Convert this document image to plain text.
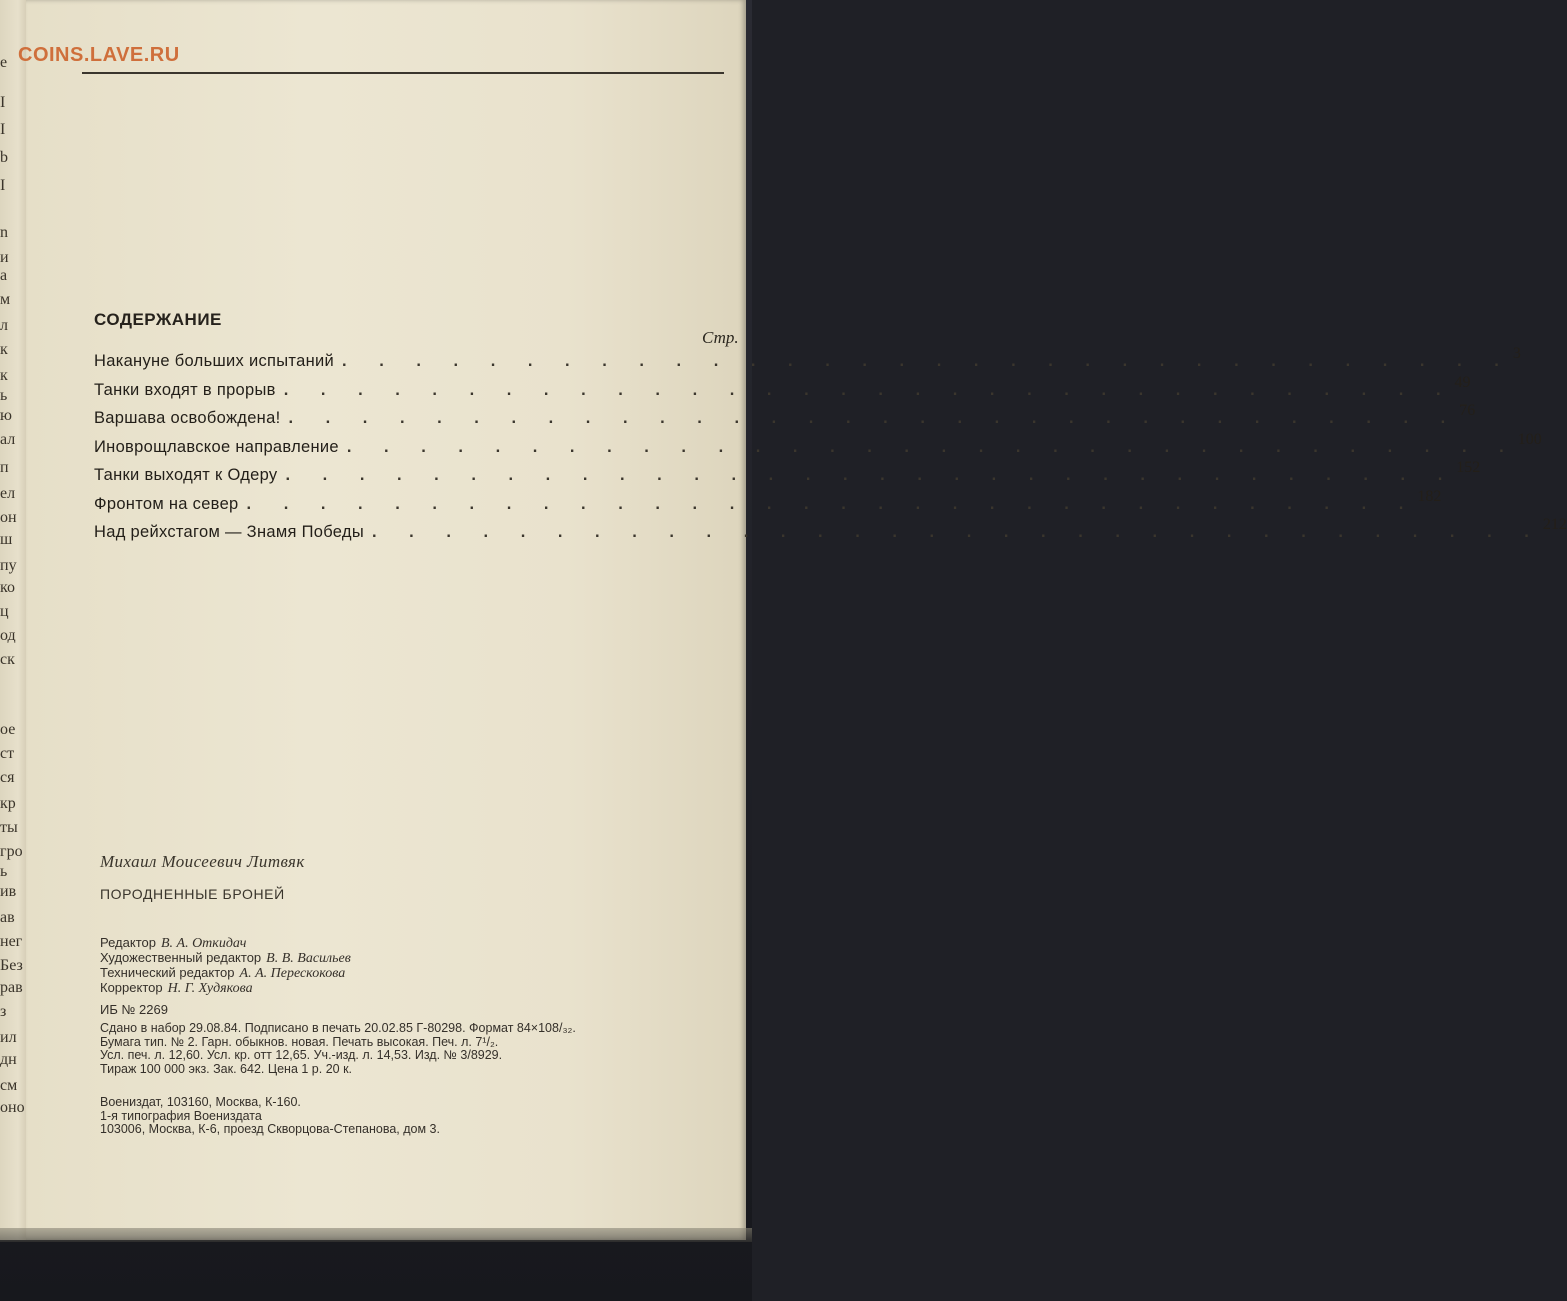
e
I
I
b
I
n
и
a
м
л
к
к
ь
ю
ал
п
ел
он
ш
пу
ко
ц
од
ск
ое
ст
ся
кр
ты
гро
ь
ив
ав
нег
Без
рав
з
ил
дн
см
оно
СОДЕРЖАНИЕ
Стр.
Накануне больших испытаний . . . . . . . . . . . . . . . . . . . . . . . . . . . . . . . . 3
Танки входят в прорыв . . . . . . . . . . . . . . . . . . . . . . . . . . . . . . . . 49
Варшава освобождена! . . . . . . . . . . . . . . . . . . . . . . . . . . . . . . . . 76
Иноврощлавское направление . . . . . . . . . . . . . . . . . . . . . . . . . . . . . . . . 100
Танки выходят к Одеру . . . . . . . . . . . . . . . . . . . . . . . . . . . . . . . . 152
Фронтом на север . . . . . . . . . . . . . . . . . . . . . . . . . . . . . . . . 182
Над рейхстагом — Знамя Победы . . . . . . . . . . . . . . . . . . . . . . . . . . . . . . . . 212
Михаил Моисеевич Литвяк
ПОРОДНЕННЫЕ БРОНЕЙ
Редактор В. А. Откидач
Художественный редактор В. В. Васильев
Технический редактор А. А. Перескокова
Корректор Н. Г. Худякова
ИБ № 2269
Сдано в набор 29.08.84. Подписано в печать 20.02.85 Г-80298. Формат 84×108/₃₂.
Бумага тип. № 2. Гарн. обыкнов. новая. Печать высокая. Печ. л. 7¹/₂.
Усл. печ. л. 12,60. Усл. кр. отт 12,65. Уч.-изд. л. 14,53. Изд. № 3/8929.
Тираж 100 000 экз. Зак. 642. Цена 1 р. 20 к.
Воениздат, 103160, Москва, К-160.
1-я типография Воениздата
103006, Москва, К-6, проезд Скворцова-Степанова, дом 3.
COINS.LAVE.RU
